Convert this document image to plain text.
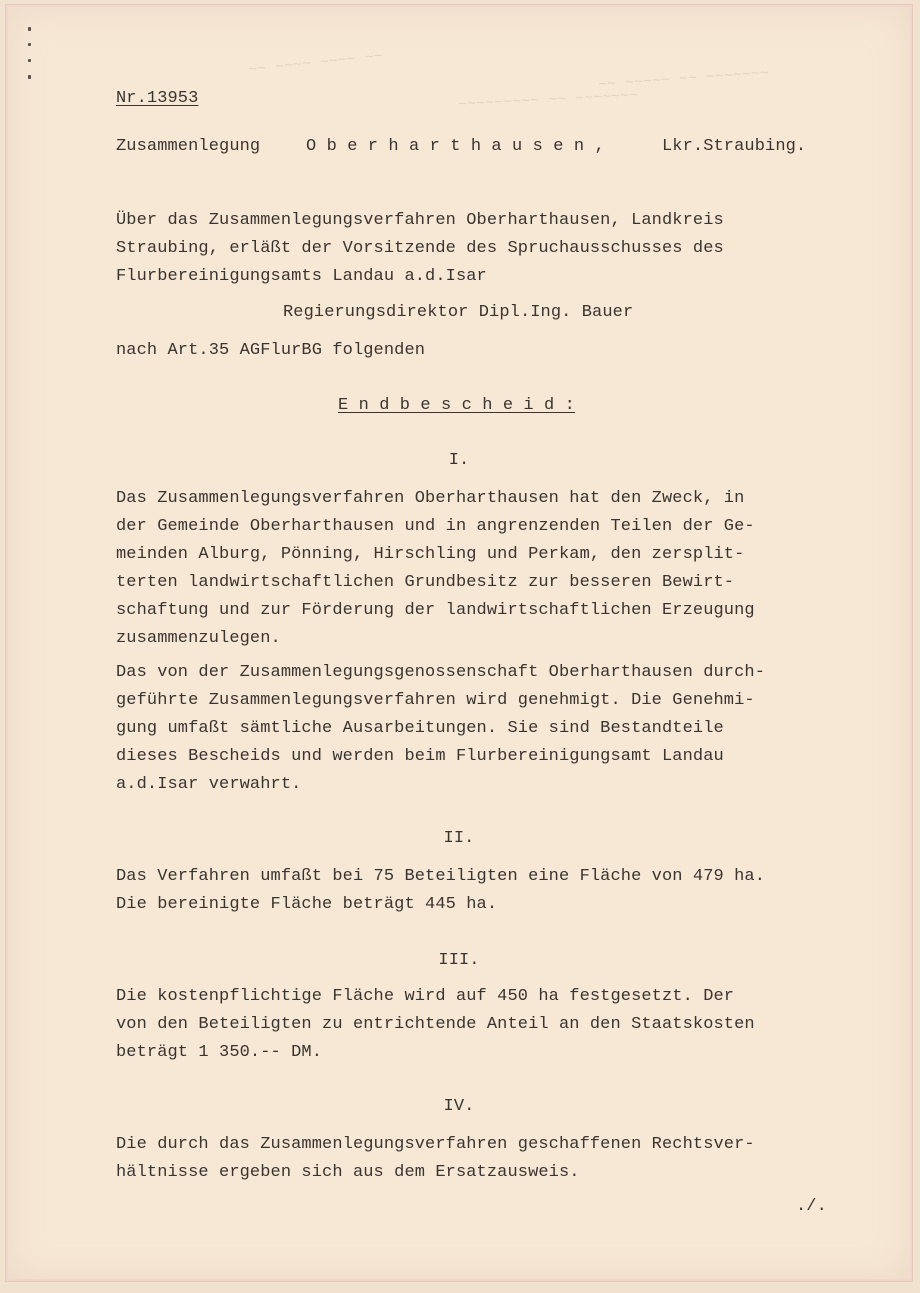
~~ ~~~~ ~~~~ ~~
~~~~~~~~~ ~~ ~~~~~~~
~~ ~~~~~ ~~ ~~~~~~~
Nr.13953
Zusammenlegung	O b e r h a r t h a u s e n ,	Lkr.Straubing.
Über das Zusammenlegungsverfahren Oberharthausen, Landkreis
Straubing, erläßt der Vorsitzende des Spruchausschusses des
Flurbereinigungsamts Landau a.d.Isar
Regierungsdirektor Dipl.Ing. Bauer
nach Art.35 AGFlurBG folgenden
E n d b e s c h e i d :
I.
Das Zusammenlegungsverfahren Oberharthausen hat den Zweck, in
der Gemeinde Oberharthausen und in angrenzenden Teilen der Ge-
meinden Alburg, Pönning, Hirschling und Perkam, den zersplit-
terten landwirtschaftlichen Grundbesitz zur besseren Bewirt-
schaftung und zur Förderung der landwirtschaftlichen Erzeugung
zusammenzulegen.
Das von der Zusammenlegungsgenossenschaft Oberharthausen durch-
geführte Zusammenlegungsverfahren wird genehmigt. Die Genehmi-
gung umfaßt sämtliche Ausarbeitungen. Sie sind Bestandteile
dieses Bescheids und werden beim Flurbereinigungsamt Landau
a.d.Isar verwahrt.
II.
Das Verfahren umfaßt bei 75 Beteiligten eine Fläche von 479 ha.
Die bereinigte Fläche beträgt 445 ha.
III.
Die kostenpflichtige Fläche wird auf 450 ha festgesetzt. Der
von den Beteiligten zu entrichtende Anteil an den Staatskosten
beträgt 1 350.-- DM.
IV.
Die durch das Zusammenlegungsverfahren geschaffenen Rechtsver-
hältnisse ergeben sich aus dem Ersatzausweis.
./.
